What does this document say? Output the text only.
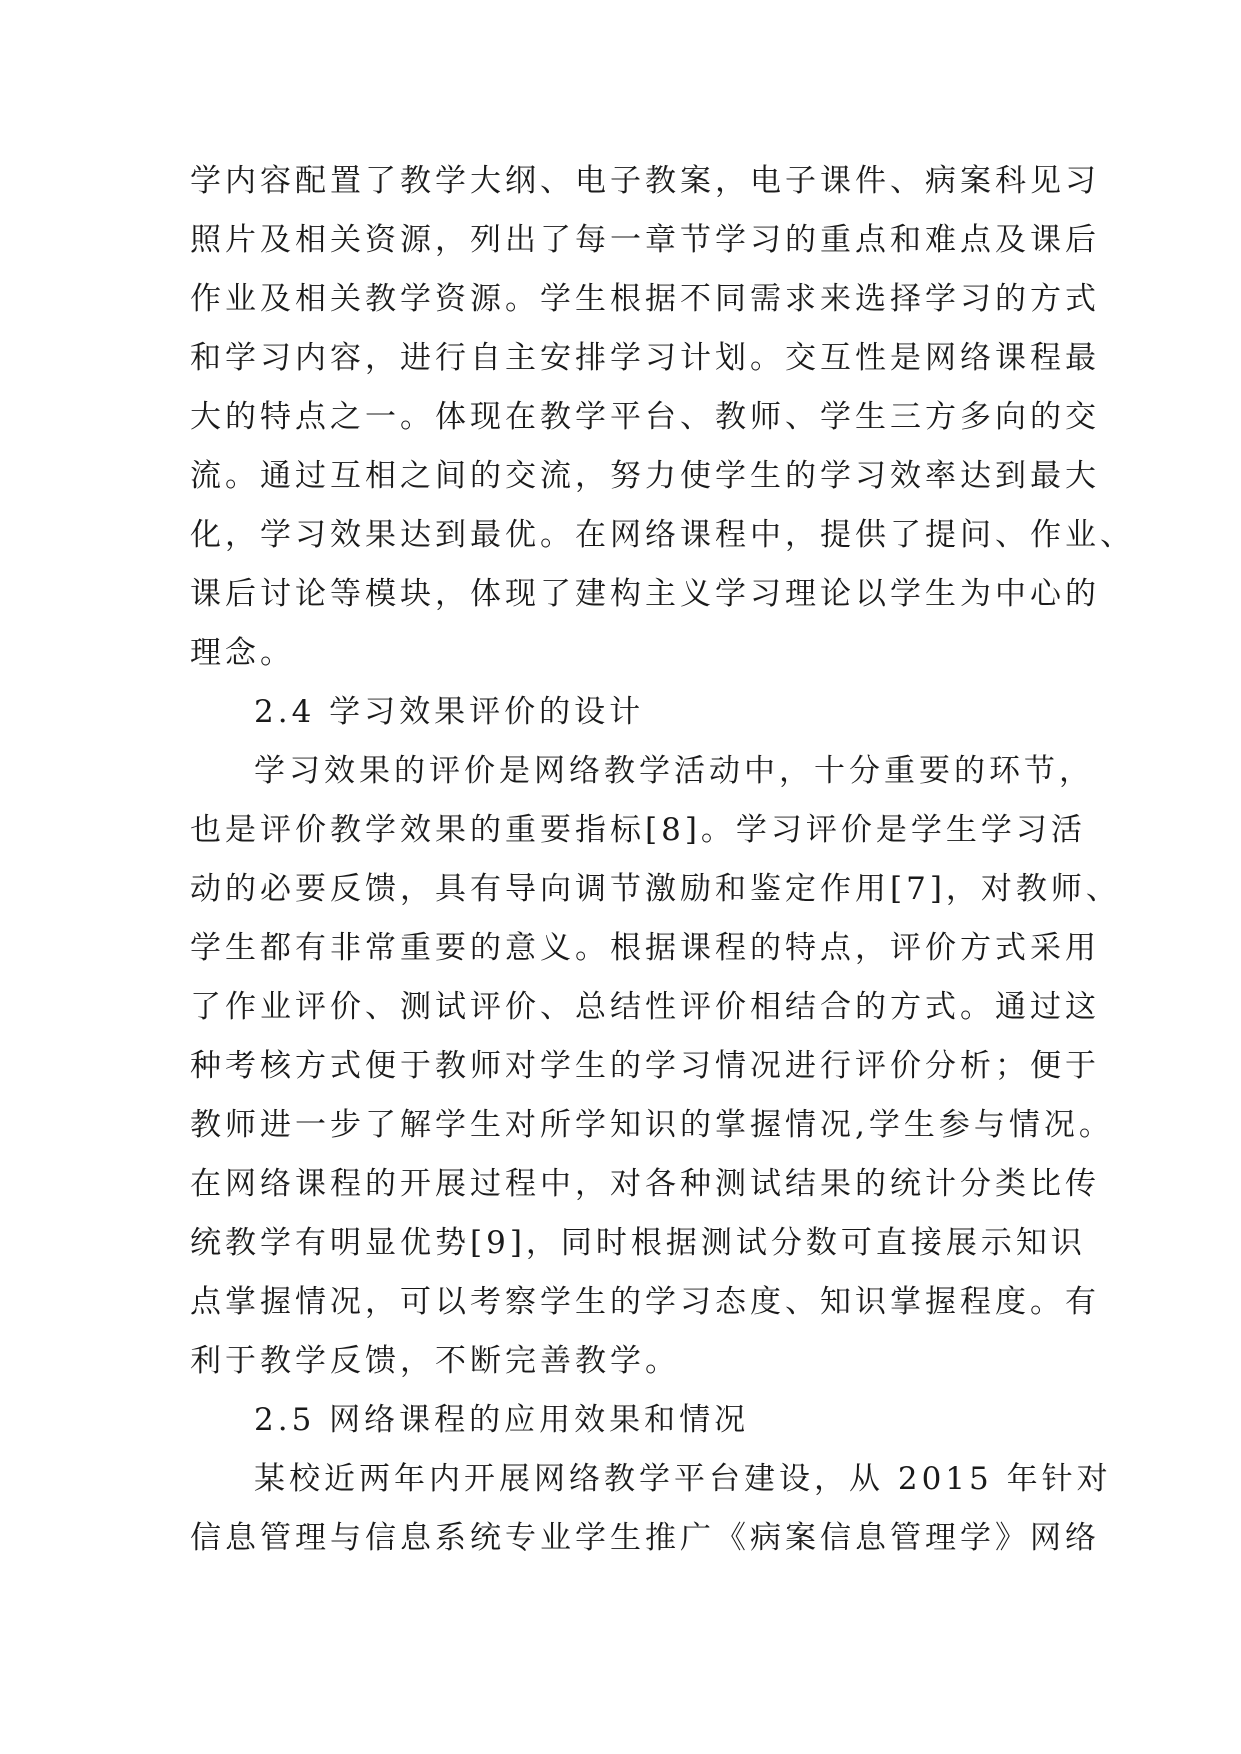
学内容配置了教学大纲、电子教案，电子课件、病案科见习
照片及相关资源，列出了每一章节学习的重点和难点及课后
作业及相关教学资源。学生根据不同需求来选择学习的方式
和学习内容，进行自主安排学习计划。交互性是网络课程最
大的特点之一。体现在教学平台、教师、学生三方多向的交
流。通过互相之间的交流，努力使学生的学习效率达到最大
化，学习效果达到最优。在网络课程中，提供了提问、作业、
课后讨论等模块，体现了建构主义学习理论以学生为中心的
理念。
2.4 学习效果评价的设计
学习效果的评价是网络教学活动中，十分重要的环节，
也是评价教学效果的重要指标[8]。学习评价是学生学习活
动的必要反馈，具有导向调节激励和鉴定作用[7]，对教师、
学生都有非常重要的意义。根据课程的特点，评价方式采用
了作业评价、测试评价、总结性评价相结合的方式。通过这
种考核方式便于教师对学生的学习情况进行评价分析；便于
教师进一步了解学生对所学知识的掌握情况,学生参与情况。
在网络课程的开展过程中，对各种测试结果的统计分类比传
统教学有明显优势[9]，同时根据测试分数可直接展示知识
点掌握情况，可以考察学生的学习态度、知识掌握程度。有
利于教学反馈，不断完善教学。
2.5 网络课程的应用效果和情况
某校近两年内开展网络教学平台建设，从 2015 年针对
信息管理与信息系统专业学生推广《病案信息管理学》网络
